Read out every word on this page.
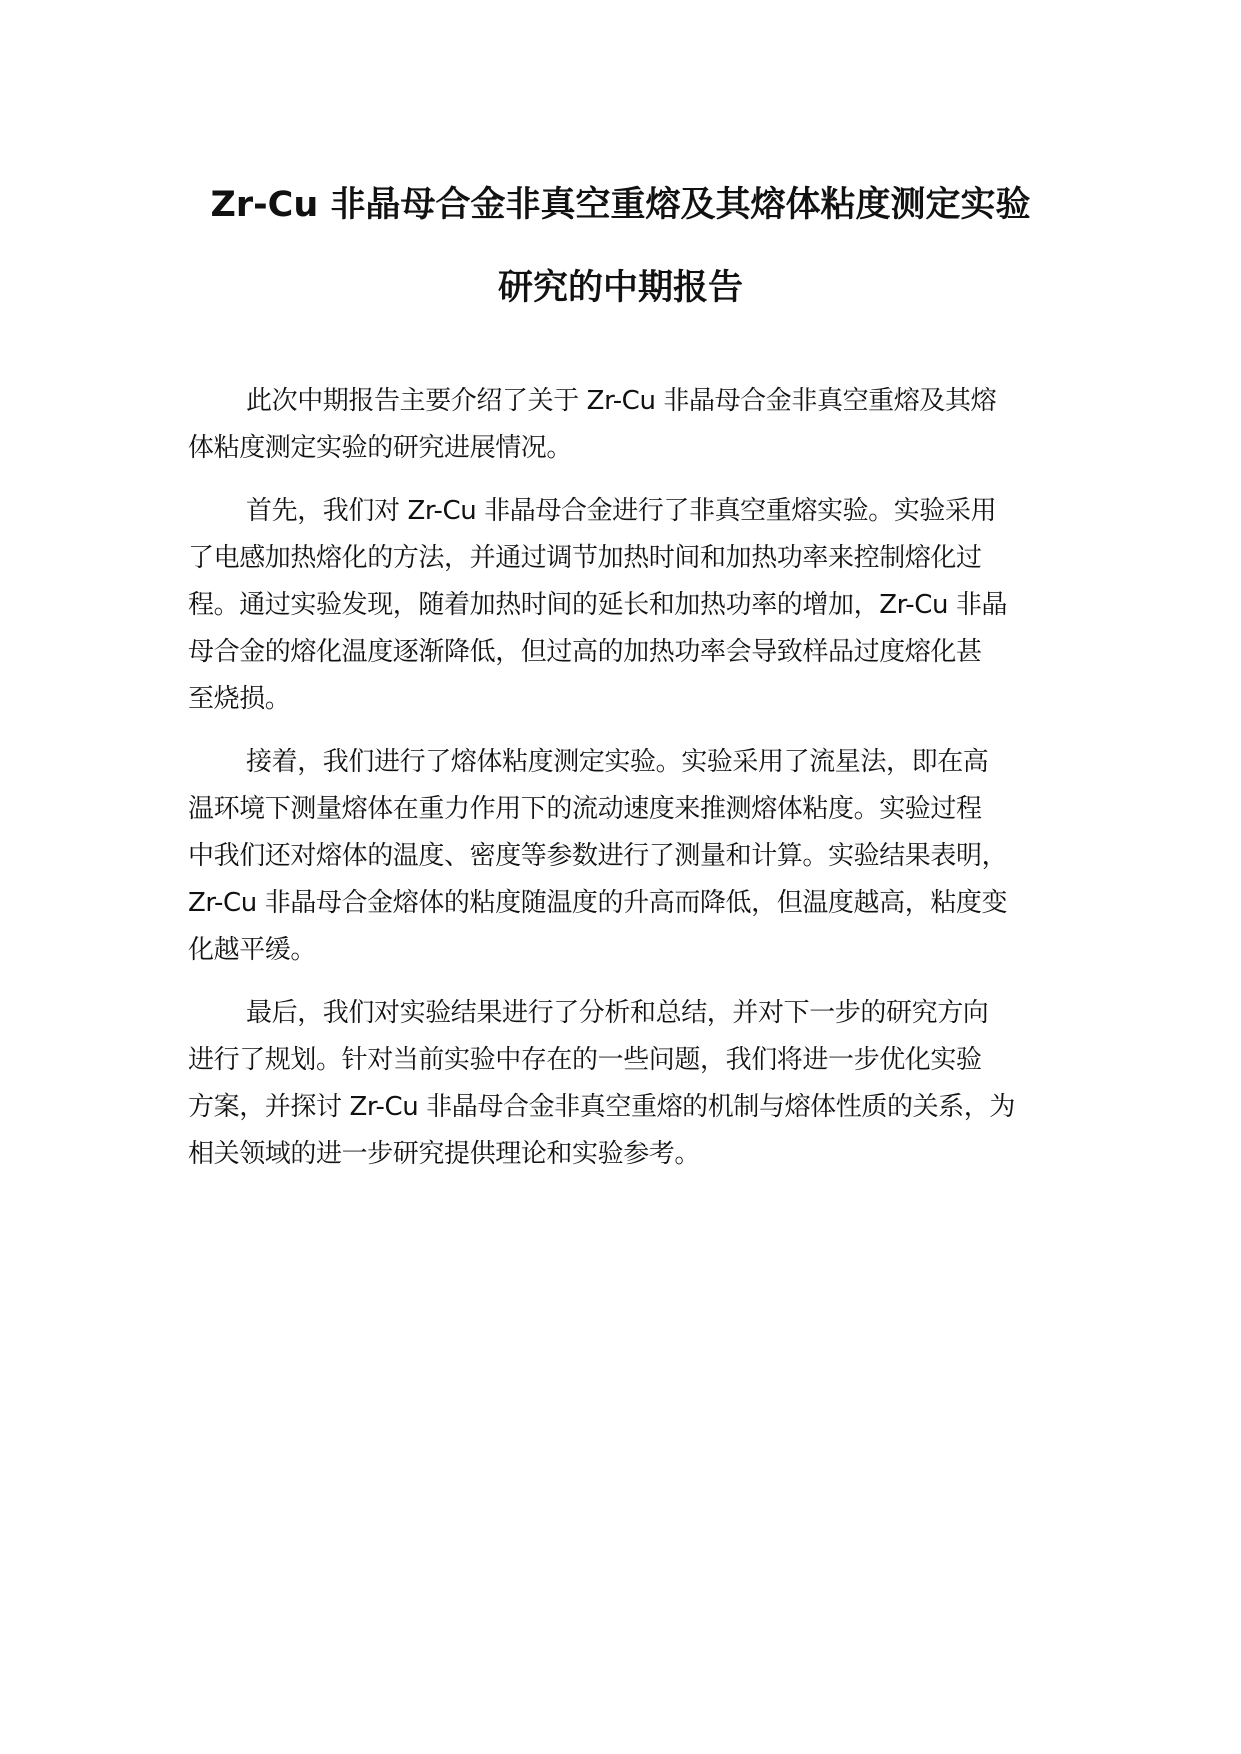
Zr-Cu 非晶母合金非真空重熔及其熔体粘度测定实验
研究的中期报告

此次中期报告主要介绍了关于 Zr-Cu 非晶母合金非真空重熔及其熔
体粘度测定实验的研究进展情况。

首先，我们对 Zr-Cu 非晶母合金进行了非真空重熔实验。实验采用
了电感加热熔化的方法，并通过调节加热时间和加热功率来控制熔化过
程。通过实验发现，随着加热时间的延长和加热功率的增加，Zr-Cu 非晶
母合金的熔化温度逐渐降低，但过高的加热功率会导致样品过度熔化甚
至烧损。

接着，我们进行了熔体粘度测定实验。实验采用了流星法，即在高
温环境下测量熔体在重力作用下的流动速度来推测熔体粘度。实验过程
中我们还对熔体的温度、密度等参数进行了测量和计算。实验结果表明，
Zr-Cu 非晶母合金熔体的粘度随温度的升高而降低，但温度越高，粘度变
化越平缓。

最后，我们对实验结果进行了分析和总结，并对下一步的研究方向
进行了规划。针对当前实验中存在的一些问题，我们将进一步优化实验
方案，并探讨 Zr-Cu 非晶母合金非真空重熔的机制与熔体性质的关系，为
相关领域的进一步研究提供理论和实验参考。
